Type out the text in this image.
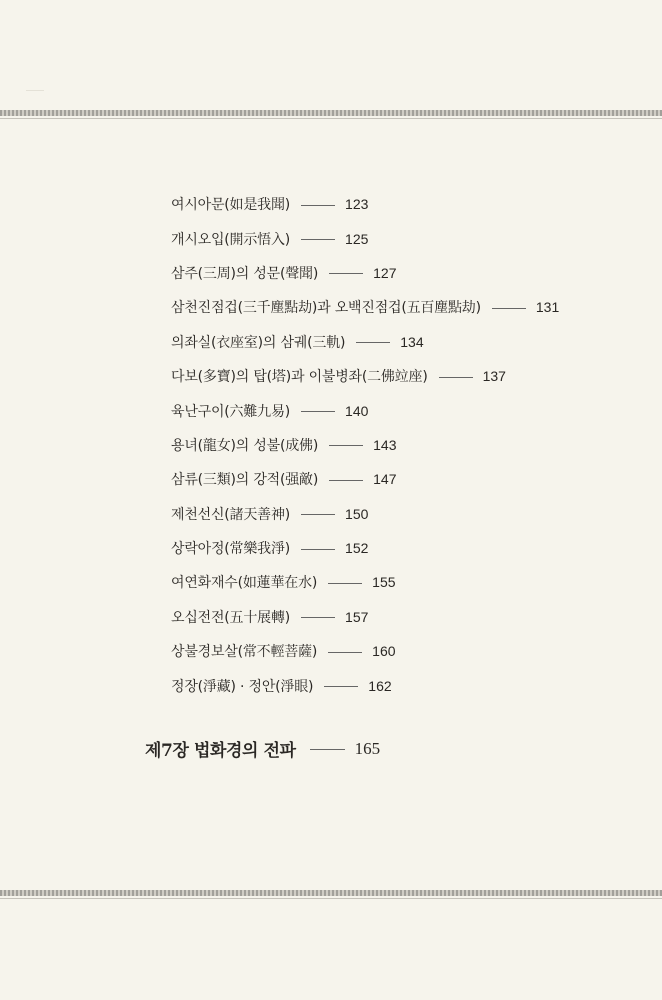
여시아문(如是我聞)	123
개시오입(開示悟入)	125
삼주(三周)의 성문(聲聞)	127
삼천진점겁(三千塵點劫)과 오백진점겁(五百塵點劫)	131
의좌실(衣座室)의 삼궤(三軌)	134
다보(多寶)의 탑(塔)과 이불병좌(二佛竝座)	137
육난구이(六難九易)	140
용녀(龍女)의 성불(成佛)	143
삼류(三類)의 강적(强敵)	147
제천선신(諸天善神)	150
상락아정(常樂我淨)	152
여연화재수(如蓮華在水)	155
오십전전(五十展轉)	157
상불경보살(常不輕菩薩)	160
정장(淨藏) · 정안(淨眼)	162
제7장 법화경의 전파	165
